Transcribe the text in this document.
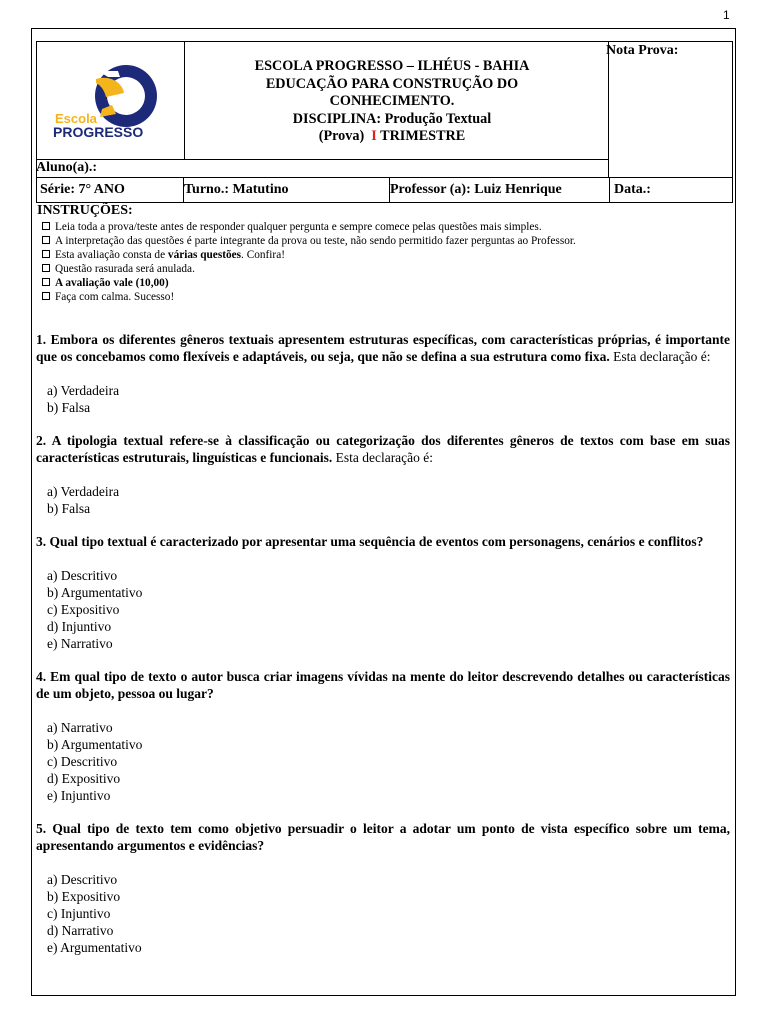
1
Escola
PROGRESSO
ESCOLA PROGRESSO – ILHÉUS - BAHIA
EDUCAÇÃO PARA CONSTRUÇÃO DO
CONHECIMENTO.
DISCIPLINA: Produção Textual
(Prova)  I TRIMESTRE
Nota Prova:
Aluno(a).:
Série: 7° ANO	Turno.: Matutino	Professor (a): Luiz Henrique	Data.:
INSTRUÇÕES:
Leia toda a prova/teste antes de responder qualquer pergunta e sempre comece pelas questões mais simples.
A interpretação das questões é parte integrante da prova ou teste, não sendo permitido fazer perguntas ao Professor.
Esta avaliação consta de várias questões. Confira!
Questão rasurada será anulada.
A avaliação vale (10,00)
Faça com calma. Sucesso!

1. Embora os diferentes gêneros textuais apresentem estruturas específicas, com características próprias, é importante que os concebamos como flexíveis e adaptáveis, ou seja, que não se defina a sua estrutura como fixa. Esta declaração é:

a) Verdadeira
b) Falsa

2. A tipologia textual refere-se à classificação ou categorização dos diferentes gêneros de textos com base em suas características estruturais, linguísticas e funcionais. Esta declaração é:

a) Verdadeira
b) Falsa

3. Qual tipo textual é caracterizado por apresentar uma sequência de eventos com personagens, cenários e conflitos?

a) Descritivo
b) Argumentativo
c) Expositivo
d) Injuntivo
e) Narrativo

4. Em qual tipo de texto o autor busca criar imagens vívidas na mente do leitor descrevendo detalhes ou características de um objeto, pessoa ou lugar?

a) Narrativo
b) Argumentativo
c) Descritivo
d) Expositivo
e) Injuntivo

5. Qual tipo de texto tem como objetivo persuadir o leitor a adotar um ponto de vista específico sobre um tema, apresentando argumentos e evidências?

a) Descritivo
b) Expositivo
c) Injuntivo
d) Narrativo
e) Argumentativo
